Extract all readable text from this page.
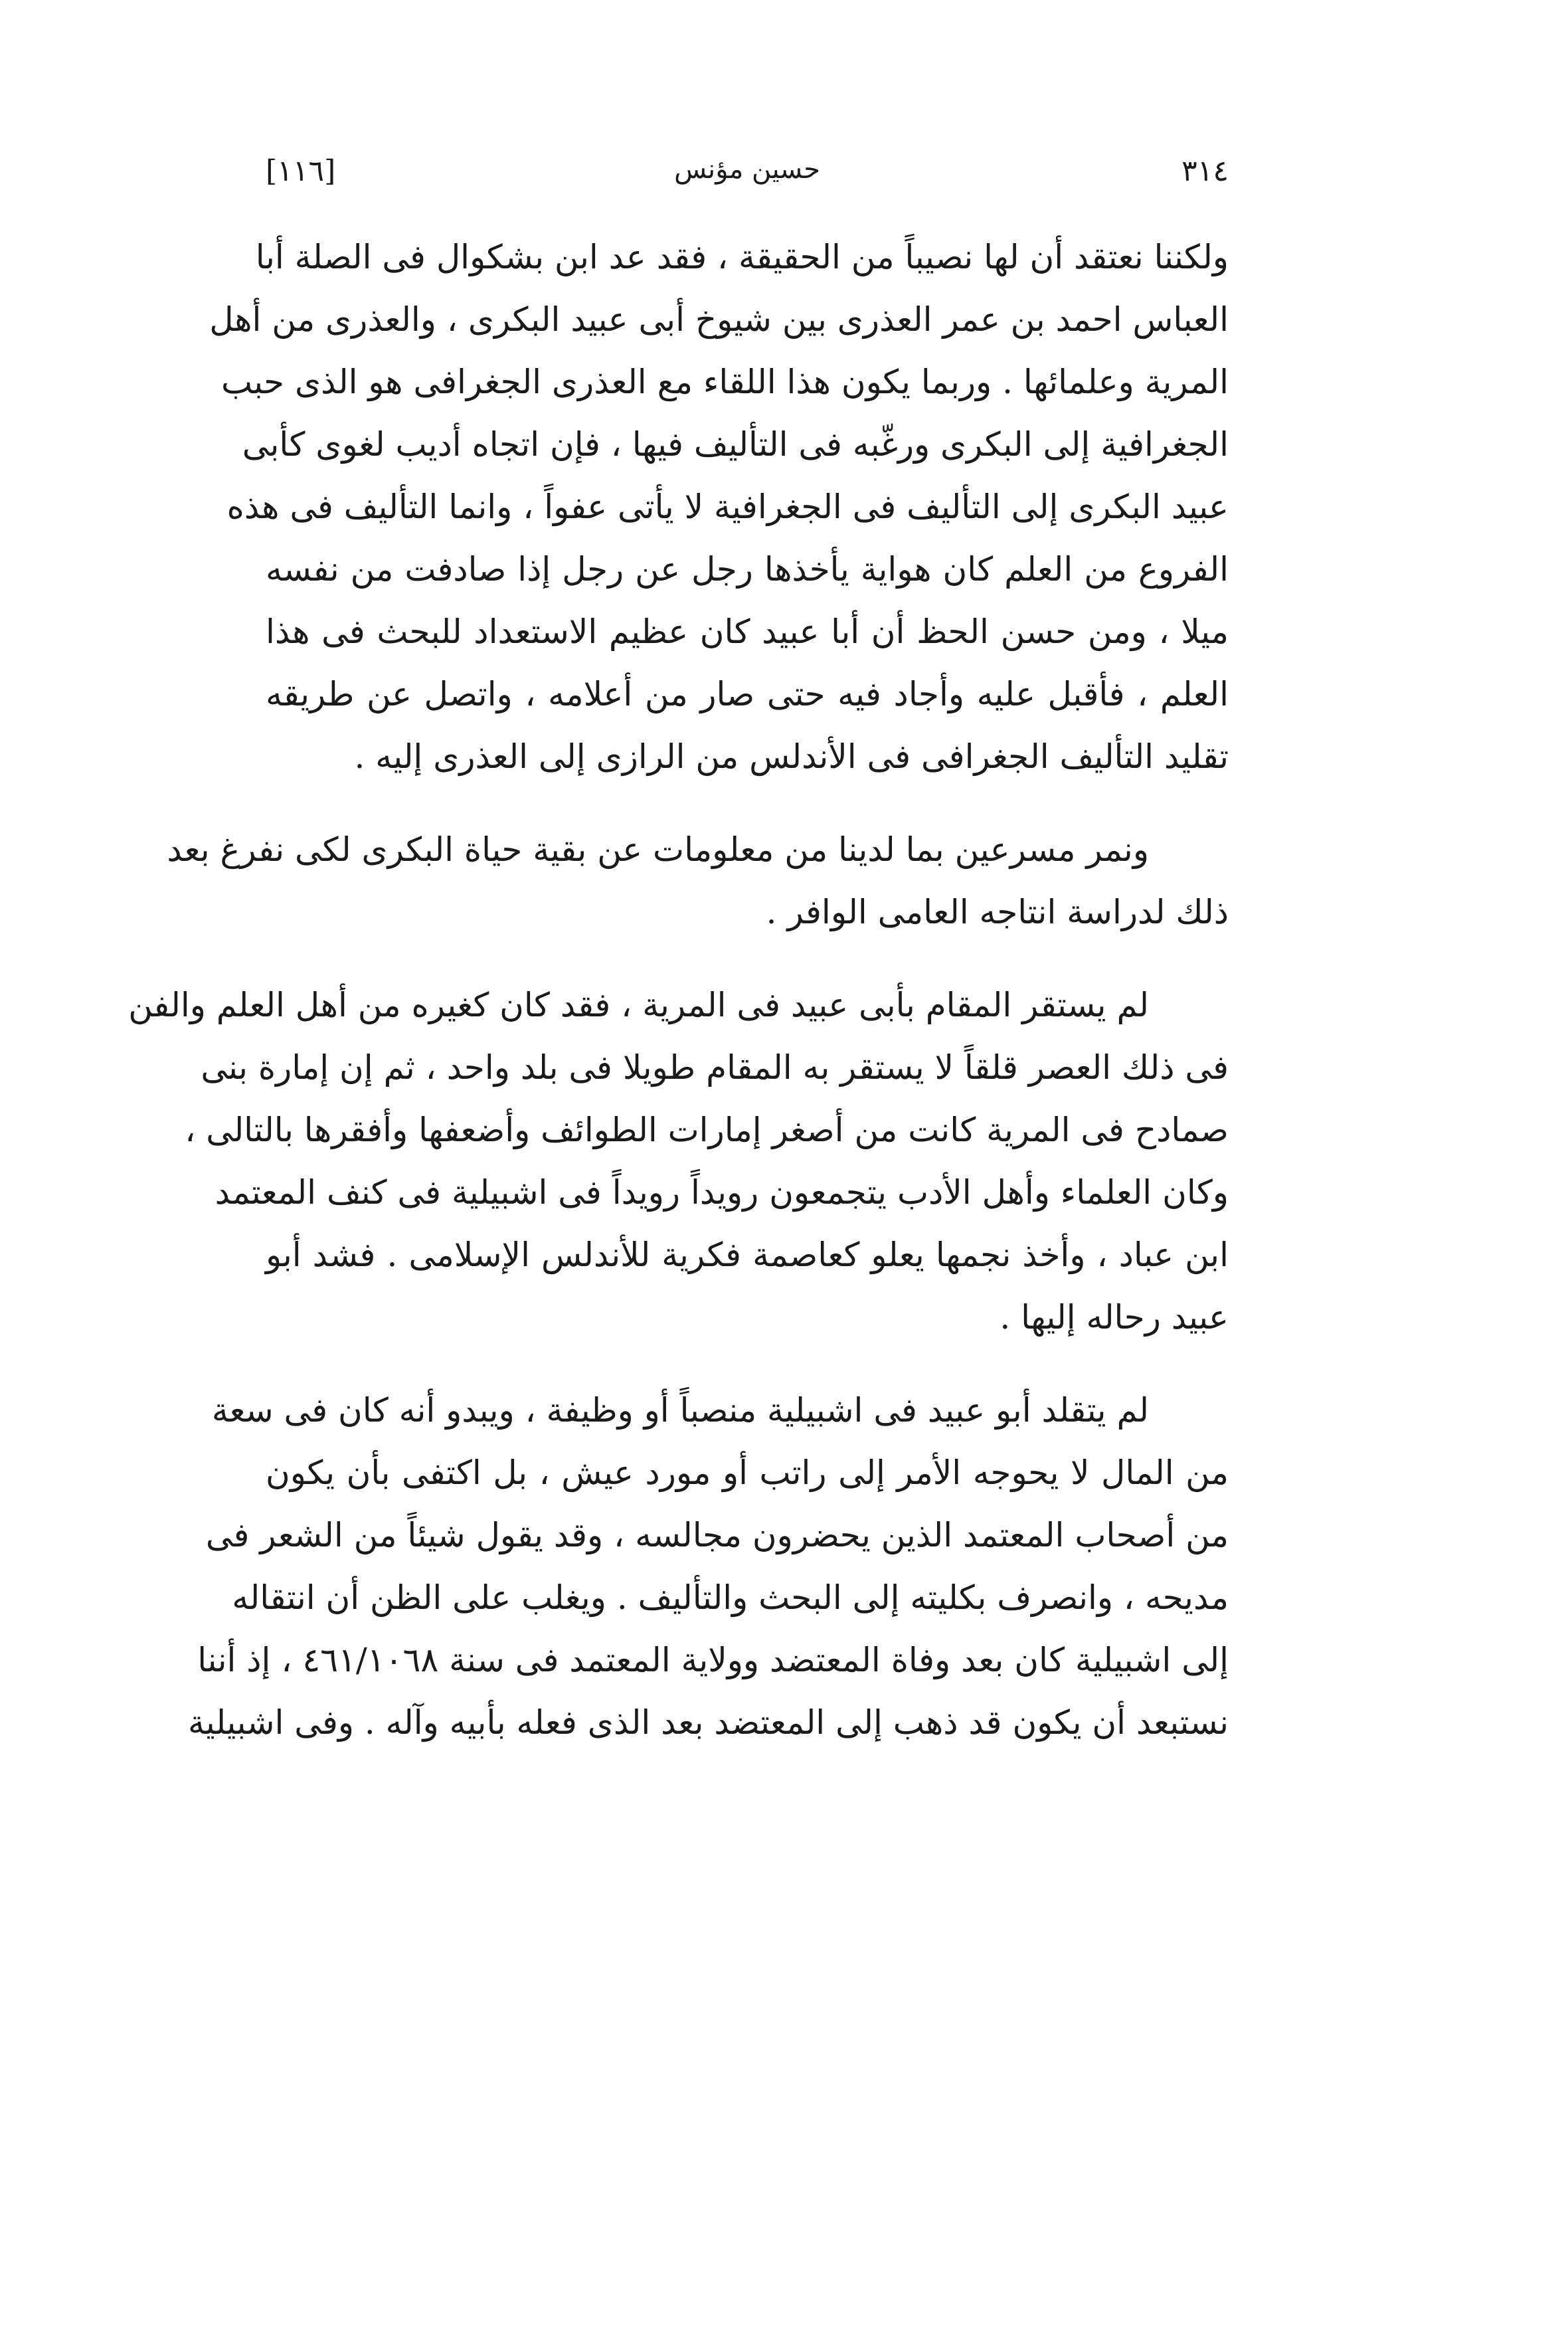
٣١٤
حسين مؤنس
[١١٦]

ولكننا نعتقد أن لها نصيباً من الحقيقة ، فقد عد ابن بشكوال فى الصلة أبا
العباس احمد بن عمر العذرى بين شيوخ أبى عبيد البكرى ، والعذرى من أهل
المرية وعلمائها . وربما يكون هذا اللقاء مع العذرى الجغرافى هو الذى حبب
الجغرافية إلى البكرى ورغّبه فى التأليف فيها ، فإن اتجاه أديب لغوى كأبى
عبيد البكرى إلى التأليف فى الجغرافية لا يأتى عفواً ، وانما التأليف فى هذه
الفروع من العلم كان هواية يأخذها رجل عن رجل إذا صادفت من نفسه
ميلا ، ومن حسن الحظ أن أبا عبيد كان عظيم الاستعداد للبحث فى هذا
العلم ، فأقبل عليه وأجاد فيه حتى صار من أعلامه ، واتصل عن طريقه
تقليد التأليف الجغرافى فى الأندلس من الرازى إلى العذرى إليه .

ونمر مسرعين بما لدينا من معلومات عن بقية حياة البكرى لكى نفرغ بعد
ذلك لدراسة انتاجه العامى الوافر .

لم يستقر المقام بأبى عبيد فى المرية ، فقد كان كغيره من أهل العلم والفن
فى ذلك العصر قلقاً لا يستقر به المقام طويلا فى بلد واحد ، ثم إن إمارة بنى
صمادح فى المرية كانت من أصغر إمارات الطوائف وأضعفها وأفقرها بالتالى ،
وكان العلماء وأهل الأدب يتجمعون رويداً رويداً فى اشبيلية فى كنف المعتمد
ابن عباد ، وأخذ نجمها يعلو كعاصمة فكرية للأندلس الإسلامى . فشد أبو
عبيد رحاله إليها .

لم يتقلد أبو عبيد فى اشبيلية منصباً أو وظيفة ، ويبدو أنه كان فى سعة
من المال لا يحوجه الأمر إلى راتب أو مورد عيش ، بل اكتفى بأن يكون
من أصحاب المعتمد الذين يحضرون مجالسه ، وقد يقول شيئاً من الشعر فى
مديحه ، وانصرف بكليته إلى البحث والتأليف . ويغلب على الظن أن انتقاله
إلى اشبيلية كان بعد وفاة المعتضد وولاية المعتمد فى سنة ٤٦١/١٠٦٨ ، إذ أننا
نستبعد أن يكون قد ذهب إلى المعتضد بعد الذى فعله بأبيه وآله . وفى اشبيلية
